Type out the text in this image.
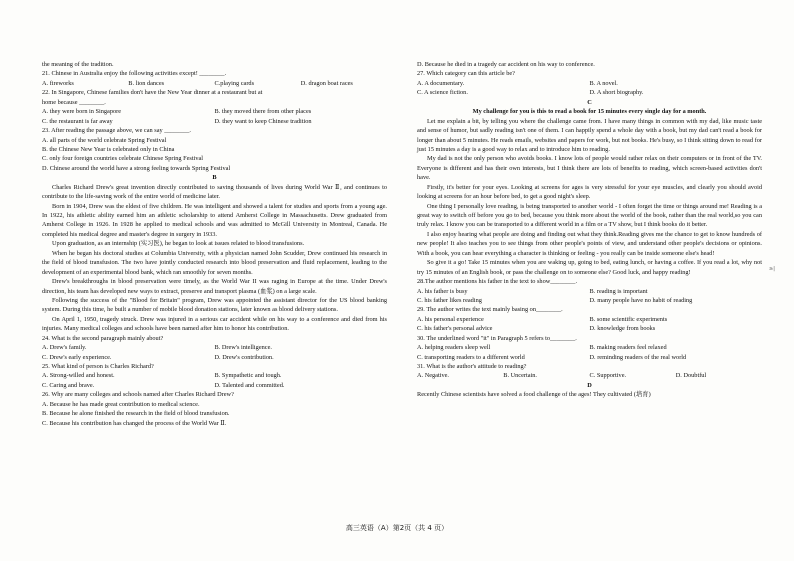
the meaning of the tradition.
21. Chinese in Australia enjoy the following activities except! ________.
A. fireworks	B. lion dances	C.playing cards	D. dragon boat races
22. In Singapore, Chinese families don't have the New Year dinner at a restaurant but at
home because ________.
A. they were born in Singapore	B. they moved there from other places
C. the restaurant is far away	D. they want to keep Chinese tradition
23. After reading the passage above, we can say ________.
A. all parts of the world celebrate Spring Festival
B. the Chinese New Year is celebrated only in China
C. only four foreign countries celebrate Chinese Spring Festival
D. Chinese around the world have a strong feeling towards Spring Festival
B

Charles Richard Drew's great invention directly contributed to saving thousands of lives during World War Ⅱ, and continues to contribute to the life-saving work of the entire world of medicine later.

Born in 1904, Drew was the eldest of five children. He was intelligent and showed a talent for studies and sports from a young age. In 1922, his athletic ability earned him an athletic scholarship to attend Amherst College in Massachusetts. Drew graduated from Amherst College in 1926. In 1928 he applied to medical schools and was admitted to McGill University in Montreal, Canada. He completed his medical degree and master's degree in surgery in 1933.

Upon graduation, as an internship (实习医), he began to look at issues related to blood transfusions.

When he began his doctoral studies at Columbia University, with a physician named John Scudder, Drew continued his research in the field of blood transfusion. The two have jointly conducted research into blood preservation and fluid replacement, leading to the development of an experimental blood bank, which ran smoothly for seven months.

Drew's breakthroughs in blood preservation were timely, as the World War II was raging in Europe at the time. Under Drew's direction, his team has developed new ways to extract, preserve and transport plasma (血浆) on a large scale.

Following the success of the "Blood for Britain" program, Drew was appointed the assistant director for the US blood banking system. During this time, he built a number of mobile blood donation stations, later known as blood delivery stations.

On April 1, 1950, tragedy struck. Drew was injured in a serious car accident while on his way to a conference and died from his injuries. Many medical colleges and schools have been named after him to honor his contribution.

24. What is the second paragraph mainly about?
A. Drew's family.	B. Drew's intelligence.
C. Drew's early experience.	D. Drew's contribution.
25. What kind of person is Charles Richard?
A. Strong-willed and honest.	B. Sympathetic and tough.
C. Caring and brave.	D. Talented and committed.
26. Why are many colleges and schools named after Charles Richard Drew?
A. Because he has made great contribution to medical science.
B. Because he alone finished the research in the field of blood transfusion.
C. Because his contribution has changed the process of the World War Ⅱ.
D. Because he died in a tragedy car accident on his way to conference.
27. Which category can this article be?
A. A documentary.	B. A novel.
C. A science fiction.	D. A short biography.
C
My challenge for you is this to read a book for 15 minutes every single day for a month.

Let me explain a bit, by telling you where the challenge came from. I have many things in common with my dad, like music taste and sense of humor, but sadly reading isn't one of them. I can happily spend a whole day with a book, but my dad can't read a book for longer than about 5 minutes. He reads emails, websites and papers for work, but not books. He's busy, so I think sitting down to read for just 15 minutes a day is a good way to relax and to introduce him to reading.

My dad is not the only person who avoids books. I know lots of people would rather relax on their computers or in front of the TV. Everyone is different and has their own interests, but I think there are lots of benefits to reading, which screen-based activities don't have.

Firstly, it's better for your eyes. Looking at screens for ages is very stressful for your eye muscles, and clearly you should avoid looking at screens for an hour before bed, to get a good night's sleep.

One thing I personally love reading, is being transported to another world - I often forget the time or things around me! Reading is a great way to switch off before you go to bed, because you think more about the world of the book, rather than the real world,so you can truly relax. I know you can be transported to a different world in a film or a TV show, but I think books do it better.

I also enjoy hearing what people are doing and finding out what they think.Reading gives me the chance to get to know hundreds of new people! It also teaches you to see things from other people's points of view, and understand other people's decisions or opinions. With a book, you can hear everything a character is thinking or feeling - you really can be inside someone else's head!

So give it a go! Take 15 minutes when you are waking up, going to bed, eating lunch, or having a coffee. If you read a lot, why not try 15 minutes of an English book, or pass the challenge on to someone else? Good luck, and happy reading!

28.The author mentions his father in the text to show________.
A. his father is busy	B. reading is important
C. his father likes reading	D. many people have no habit of reading
29. The author writes the text mainly basing on________.
A. his personal experience	B. some scientific experiments
C. his father's personal advice	D. knowledge from books
30. The underlined word "it" in Paragraph 5 refers to________.
A. helping readers sleep well	B. making readers feel relaxed
C. transporting readers to a different world	D. reminding readers of the real world
31. What is the author's attitude to reading?
A. Negative.	B. Uncertain.	C. Supportive.	D. Doubtful
D
Recently Chinese scientists have solved a food challenge of the ages! They cultivated (培育)
≥|
高三英语（A）第2页（共 4 页）
